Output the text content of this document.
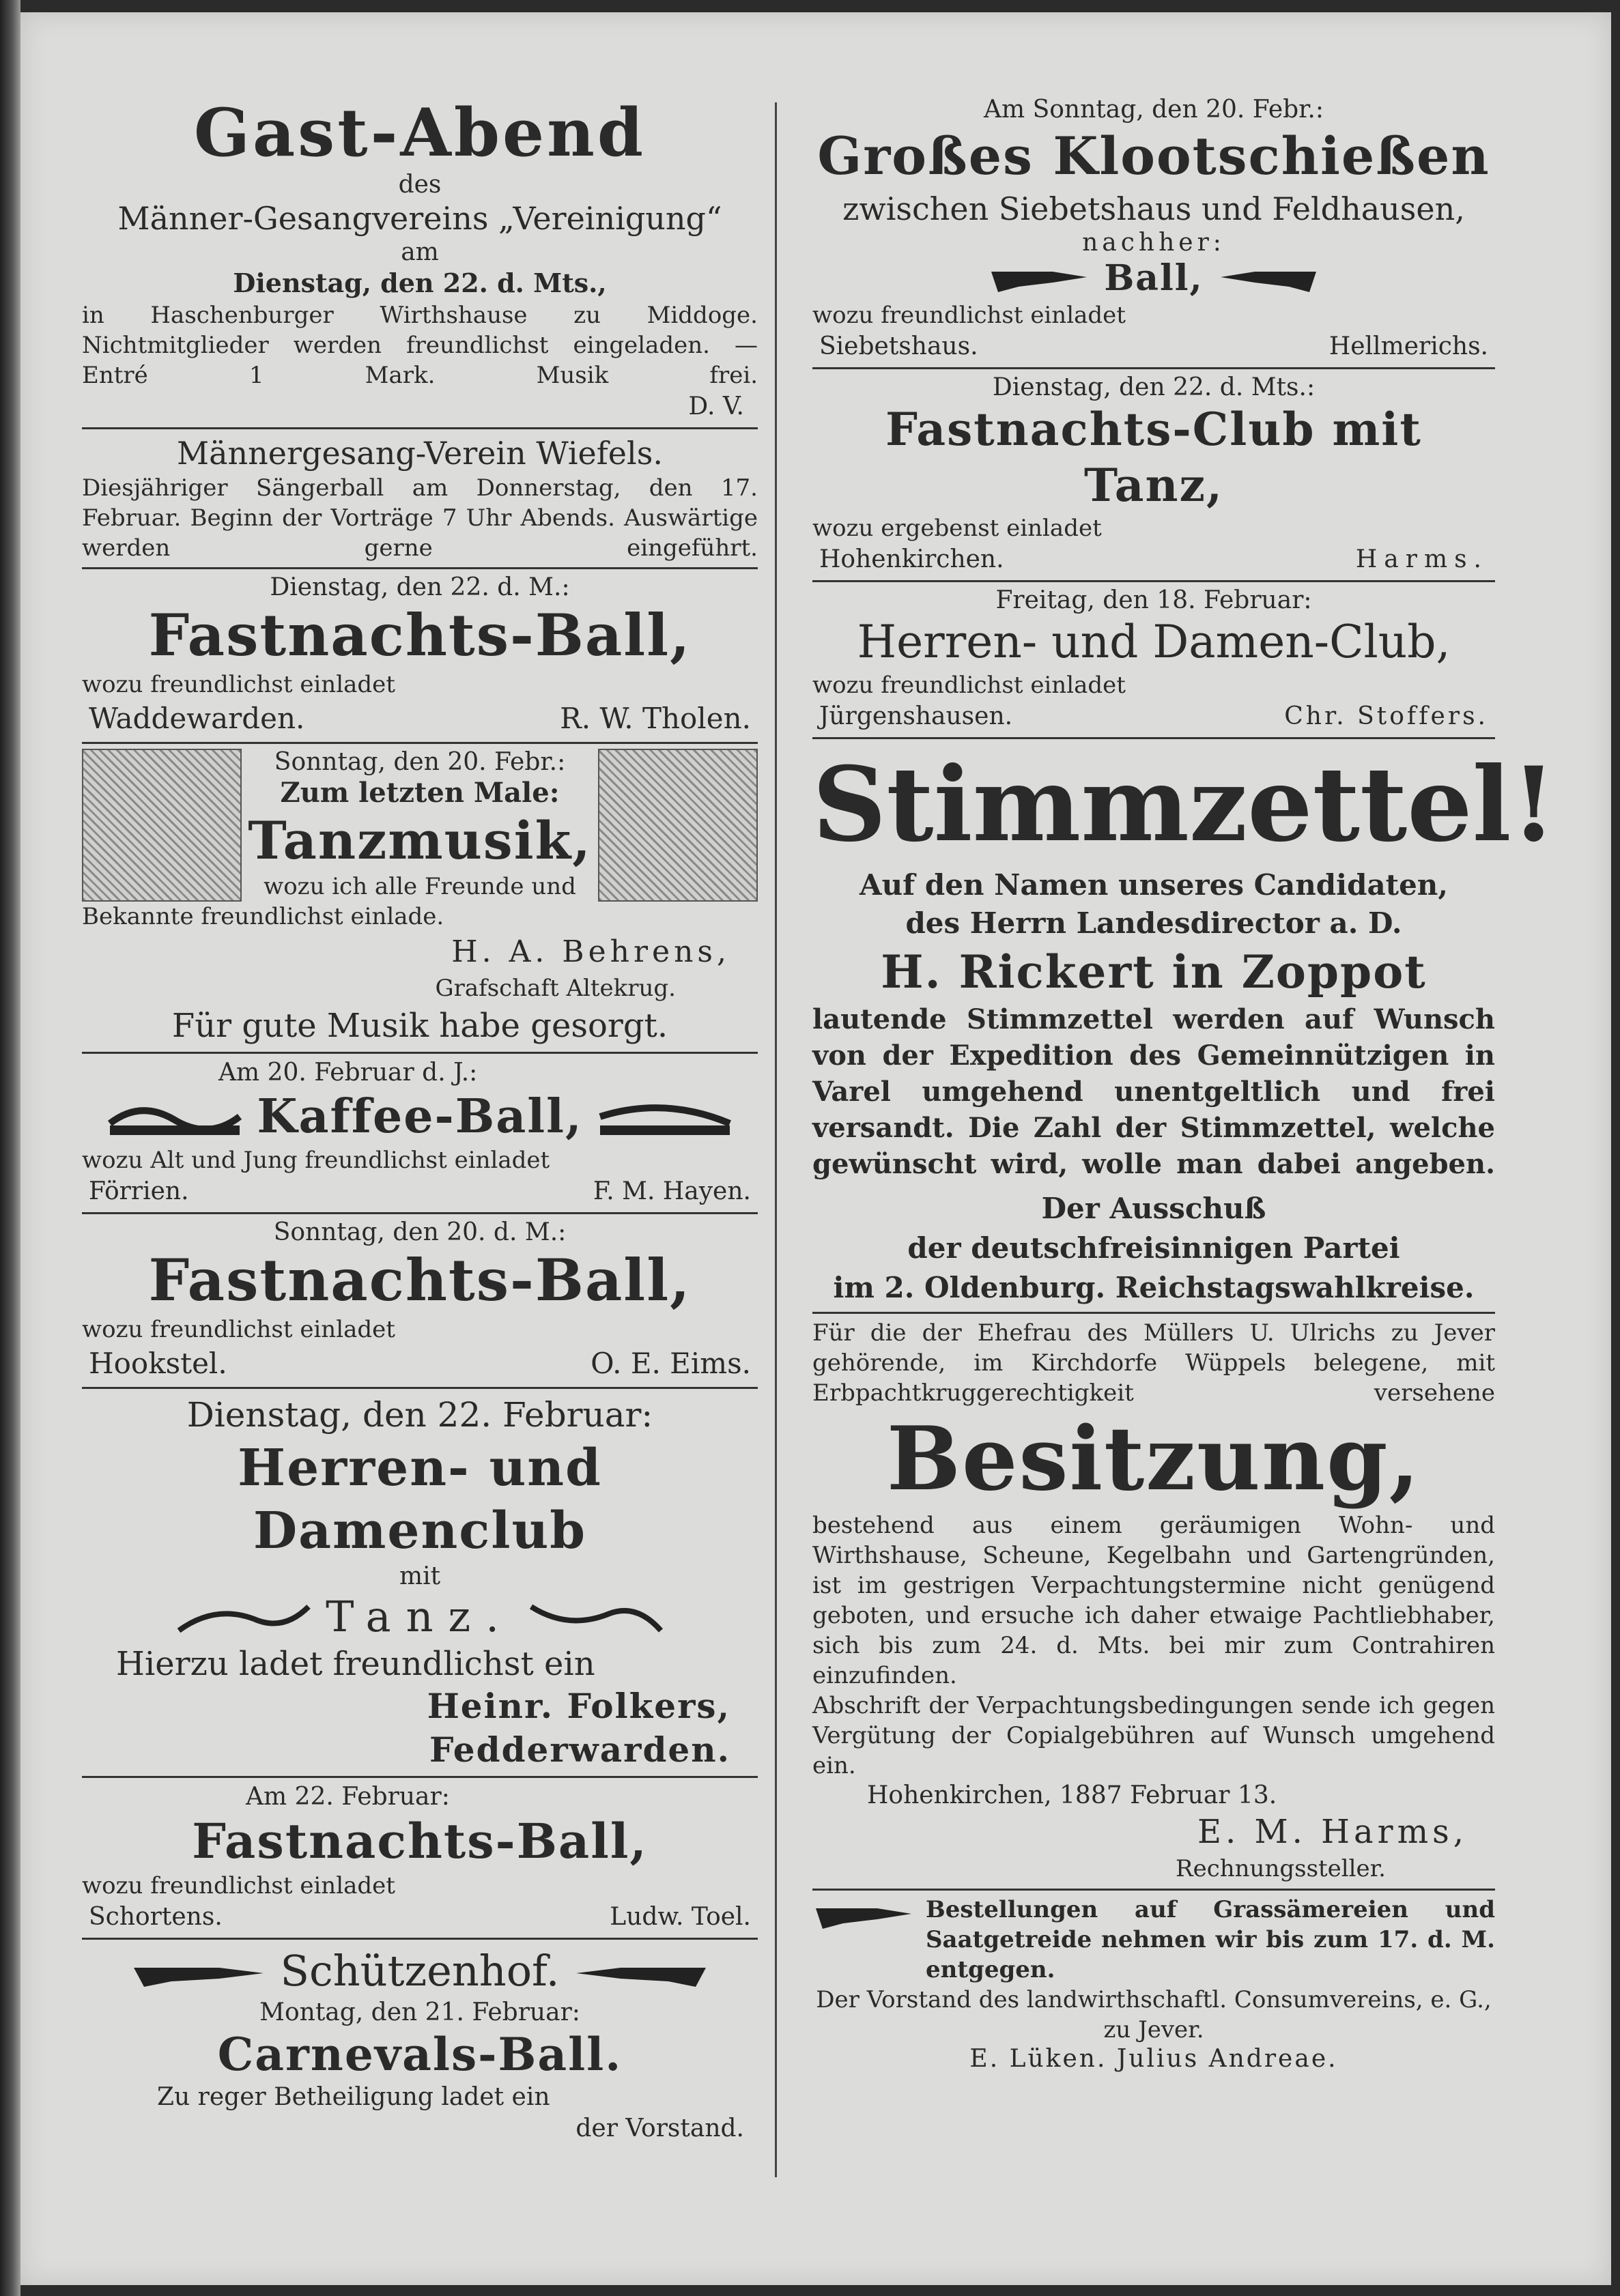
Gast-Abend
des
Männer-Gesangvereins „Vereinigung“
am
Dienstag, den 22. d. Mts.,
in Haschenburger Wirthshause zu Middoge. Nichtmitglieder werden freundlichst eingeladen. — Entré 1 Mark. Musik frei.
D. V.
Männergesang-Verein Wiefels.
Diesjähriger Sängerball am Donnerstag, den 17. Februar. Beginn der Vorträge 7 Uhr Abends. Auswärtige werden gerne eingeführt.
Dienstag, den 22. d. M.:
Fastnachts-Ball,
wozu freundlichst einladet
Waddewarden.	R. W. Tholen.
Sonntag, den 20. Febr.:
Zum letzten Male:
Tanzmusik,
wozu ich alle Freunde und
Bekannte freundlichst einlade.
H. A. Behrens,
Grafschaft Altekrug.
Für gute Musik habe gesorgt.
Am 20. Februar d. J.:
Kaffee-Ball,
wozu Alt und Jung freundlichst einladet
Förrien.	F. M. Hayen.
Sonntag, den 20. d. M.:
Fastnachts-Ball,
wozu freundlichst einladet
Hookstel.	O. E. Eims.
Dienstag, den 22. Februar:
Herren- und Damenclub
mit
Tanz.
Hierzu ladet freundlichst ein
Heinr. Folkers,
Fedderwarden.
Am 22. Februar:
Fastnachts-Ball,
wozu freundlichst einladet
Schortens.	Ludw. Toel.
Schützenhof.
Montag, den 21. Februar:
Carnevals-Ball.
Zu reger Betheiligung ladet ein
der Vorstand.
Am Sonntag, den 20. Febr.:
Großes Klootschießen
zwischen Siebetshaus und Feldhausen,
nachher:
Ball,
wozu freundlichst einladet
Siebetshaus.	Hellmerichs.
Dienstag, den 22. d. Mts.:
Fastnachts-Club mit Tanz,
wozu ergebenst einladet
Hohenkirchen.	Harms.
Freitag, den 18. Februar:
Herren- und Damen-Club,
wozu freundlichst einladet
Jürgenshausen.	Chr. Stoffers.
Stimmzettel!
Auf den Namen unseres Candidaten,
des Herrn Landesdirector a. D.
H. Rickert in Zoppot
lautende Stimmzettel werden auf Wunsch von der Expedition des Gemeinnützigen in Varel umgehend unentgeltlich und frei versandt. Die Zahl der Stimmzettel, welche gewünscht wird, wolle man dabei angeben.
Der Ausschuß
der deutschfreisinnigen Partei
im 2. Oldenburg. Reichstagswahlkreise.
Für die der Ehefrau des Müllers U. Ulrichs zu Jever gehörende, im Kirchdorfe Wüppels belegene, mit Erbpachtkruggerechtigkeit versehene
Besitzung,
bestehend aus einem geräumigen Wohn- und Wirthshause, Scheune, Kegelbahn und Gartengründen, ist im gestrigen Verpachtungstermine nicht genügend geboten, und ersuche ich daher etwaige Pachtliebhaber, sich bis zum 24. d. Mts. bei mir zum Contrahiren einzufinden.
Abschrift der Verpachtungsbedingungen sende ich gegen Vergütung der Copialgebühren auf Wunsch umgehend ein.
Hohenkirchen, 1887 Februar 13.
E. M. Harms,
Rechnungssteller.
Bestellungen auf Grassämereien und Saatgetreide nehmen wir bis zum 17. d. M. entgegen.
Der Vorstand des landwirthschaftl. Consumvereins, e. G., zu Jever.
E. Lüken. Julius Andreae.
